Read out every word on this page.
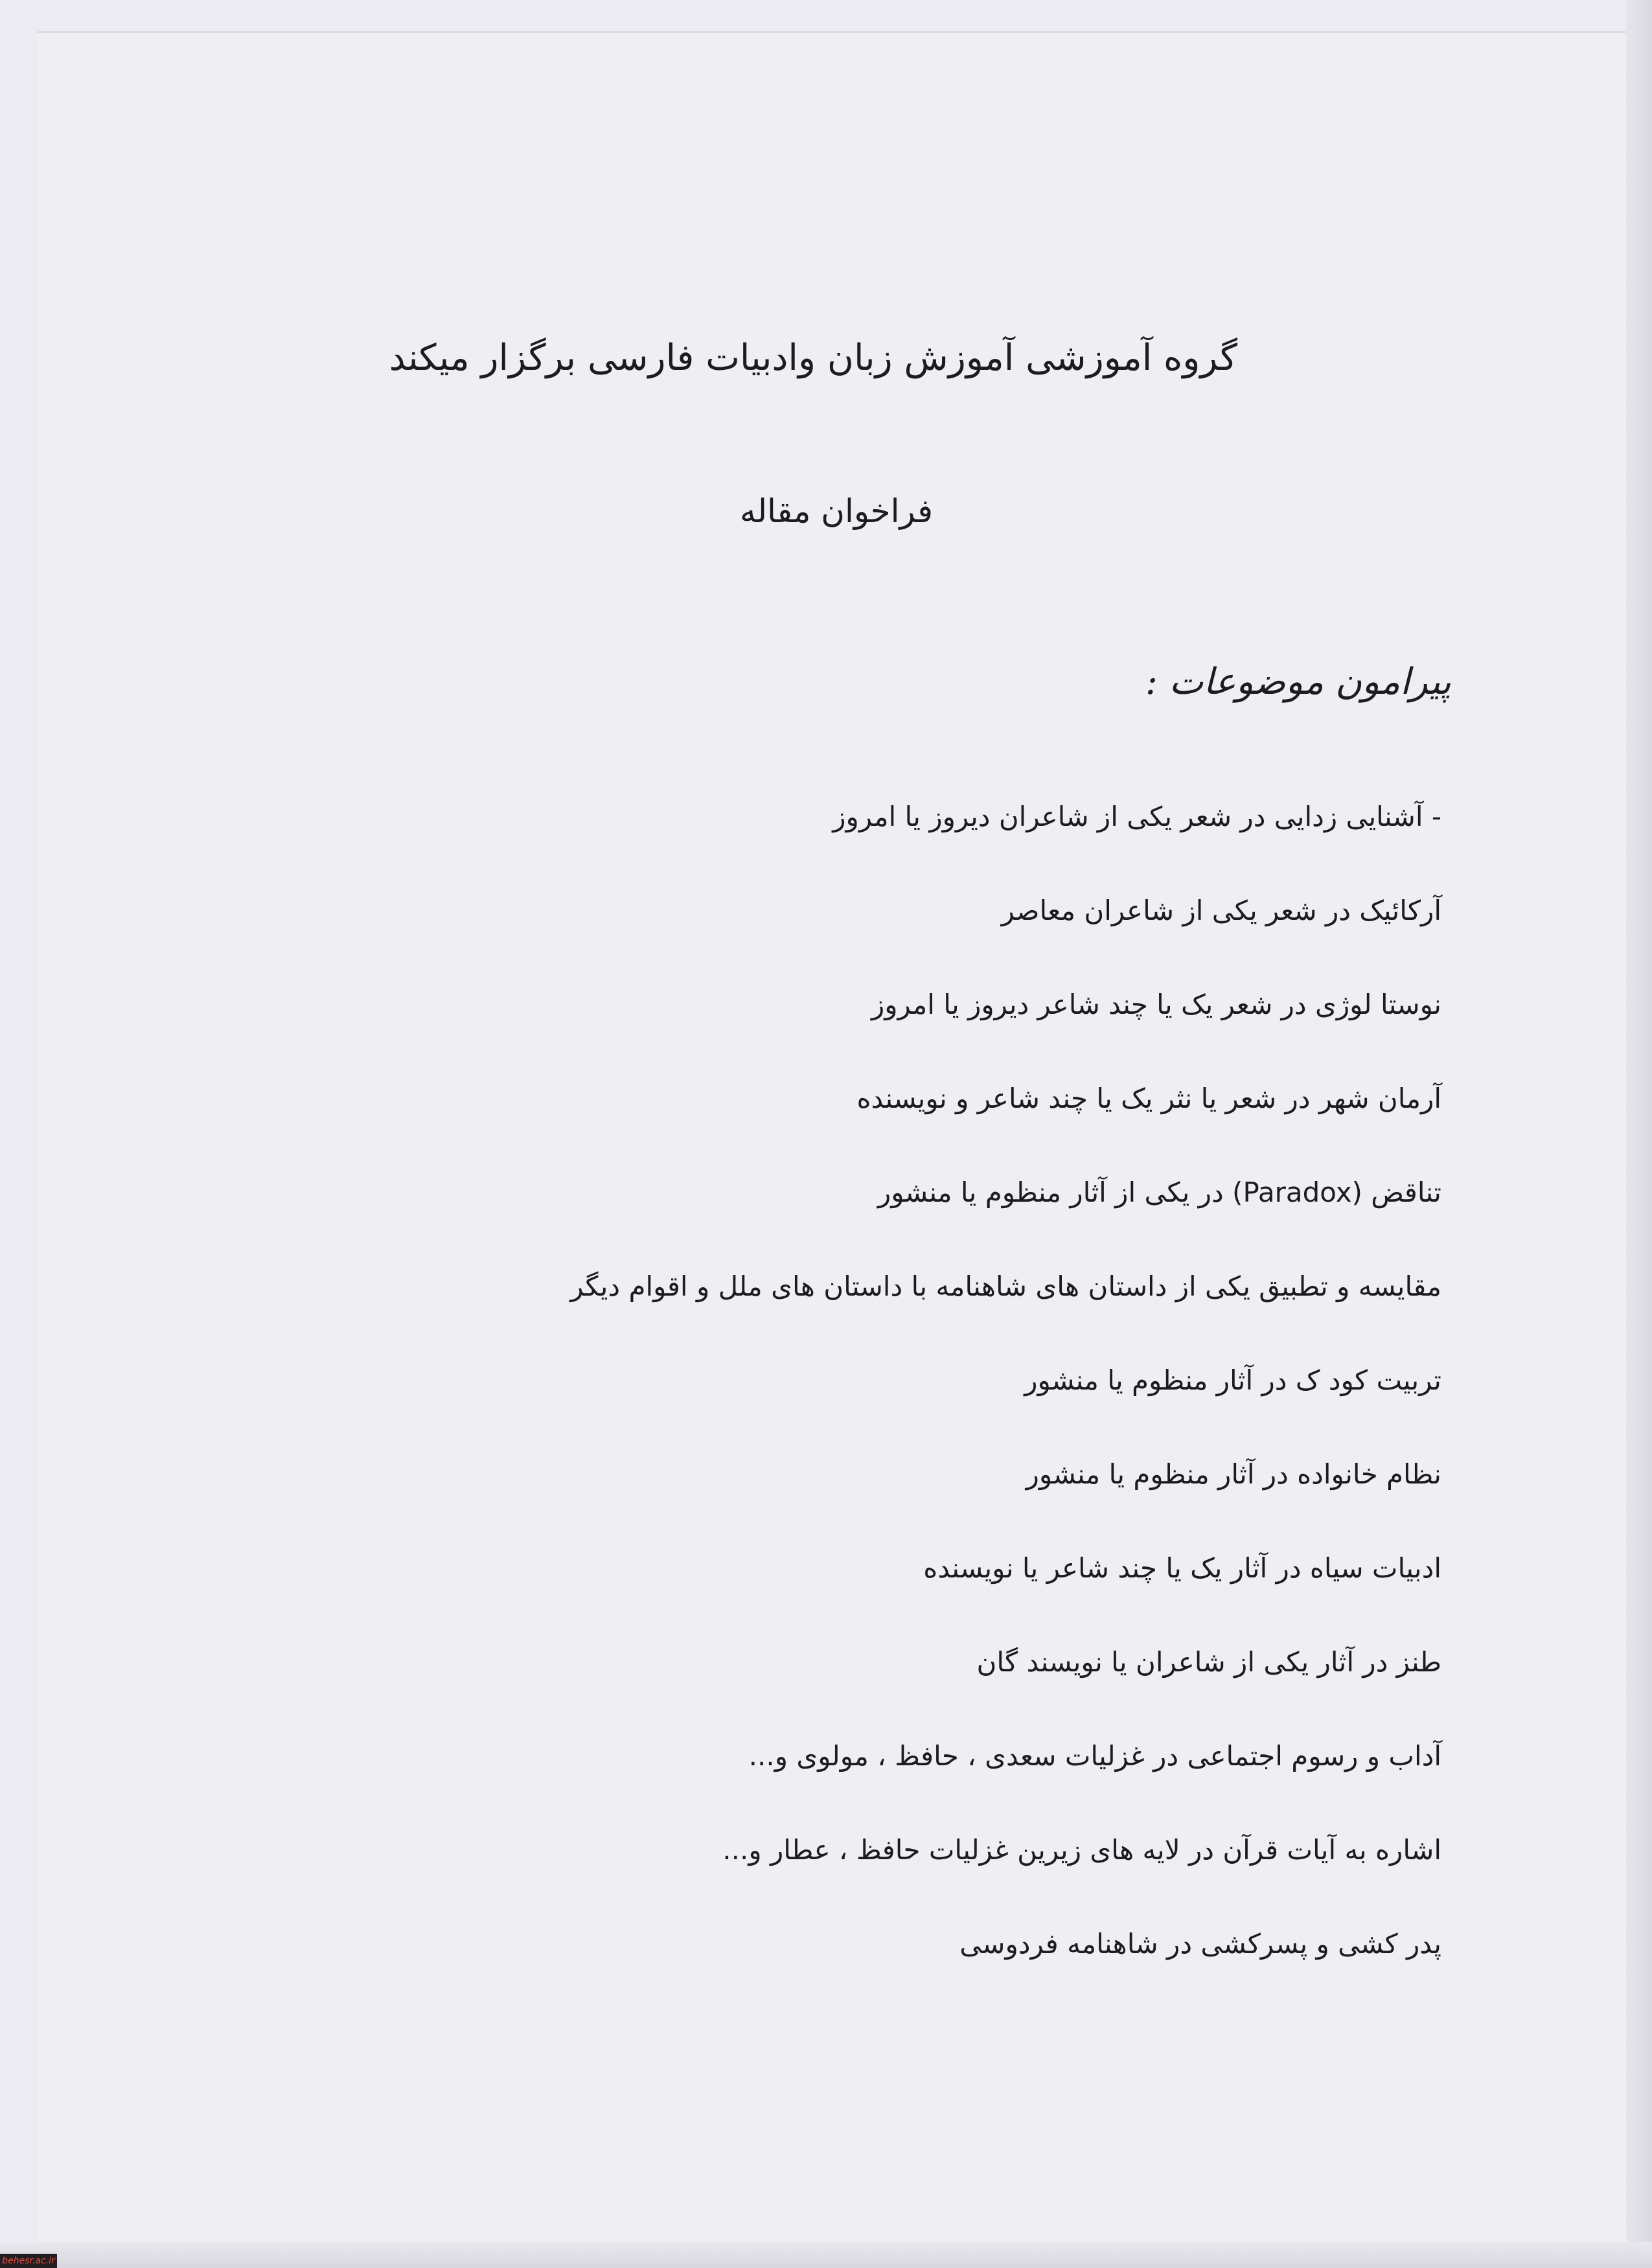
گروه آموزشی آموزش زبان وادبیات فارسی برگزار میکند
فراخوان مقاله
پیرامون موضوعات :
- آشنایی زدایی در شعر یکی از شاعران دیروز یا امروز
آرکائیک در شعر یکی از شاعران معاصر
نوستا لوژی در شعر یک یا چند شاعر دیروز یا امروز
آرمان شهر در شعر یا نثر یک یا چند شاعر و نویسنده
تناقض (Paradox) در یکی از آثار منظوم یا منشور
مقایسه و تطبیق یکی از داستان های شاهنامه با داستان های ملل و اقوام دیگر
تربیت کود ک در آثار منظوم یا منشور
نظام خانواده در آثار منظوم یا منشور
ادبیات سیاه در آثار یک یا چند شاعر یا نویسنده
طنز در آثار یکی از شاعران یا نویسند گان
آداب و رسوم اجتماعی در غزلیات سعدی ، حافظ ، مولوی و...
اشاره به آیات قرآن در لایه های زیرین غزلیات حافظ ، عطار و...
پدر کشی و پسرکشی در شاهنامه فردوسی
behesr.ac.ir
